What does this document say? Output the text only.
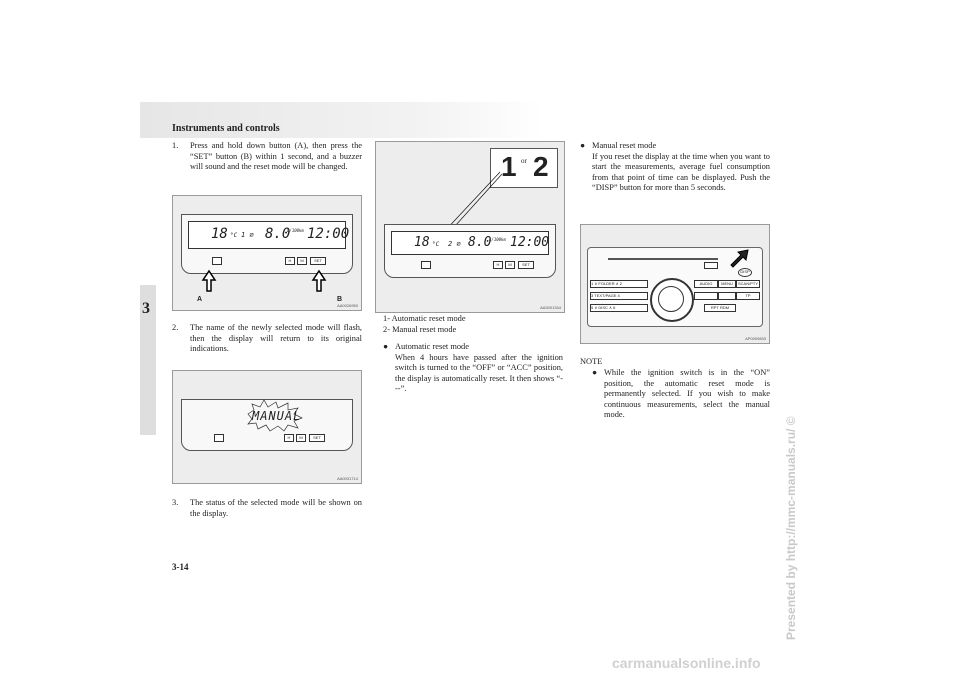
Instruments and controls
3
3-14	Presented by http://mmc-manuals.ru/ ©
carmanualsonline.info
1.	Press and hold down button (A), then press the “SET” button (B) within 1 second, and a buzzer will sound and the reset mode will be changed.
18 °C 1 ⌀ 8.0
L/100km 12:00
H	M	SET
A	B
AA0026950
2.	The name of the newly selected mode will flash, then the display will return to its original indications.
MANUAL
H	M	SET
AA0031714
3.	The status of the selected mode will be shown on the display.
1 or 2
18 °C 2 ⌀ 8.0
L/100km 12:00
H	M	SET
AA3001334
1- Automatic reset mode
2- Manual reset mode
● Automatic reset mode
When 4 hours have passed after the ignition switch is turned to the “OFF” or “ACC” position, the display is automatically reset. It then shows “---”.
● Manual reset mode
If you reset the display at the time when you want to start the measurements, average fuel consumption from that point of time can be displayed. Push the “DISP” button for more than 5 seconds.
DISP
1 ∨ FOLDER ∧ 2
3 TEXT/PAGE 4
5 ∨ DISC ∧ 6
AUDIO	MENU	SCAN/PTY
TP
RPT RDM
AP0009833
NOTE
● While the ignition switch is in the “ON” position, the automatic reset mode is permanently selected. If you wish to make continuous measurements, select the manual mode.
